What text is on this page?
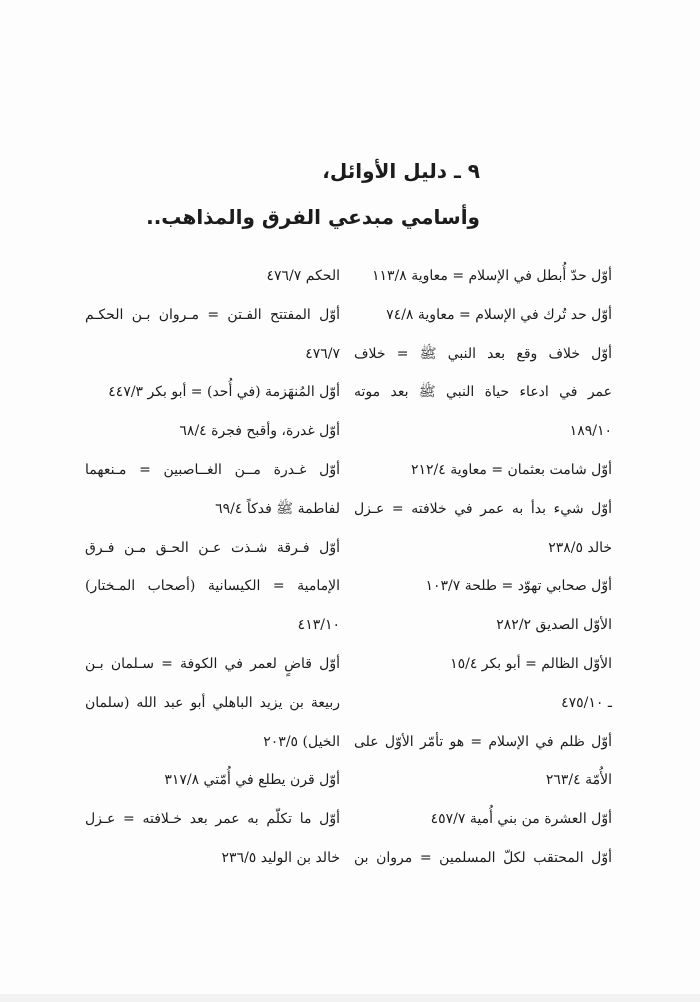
٩ ـ دليل الأوائل،
وأسامي مبدعي الفرق والمذاهب..
أوّل حدّ أُبطل في الإسلام = معاوية ١١٣/٨
أوّل حد تُرك في الإسلام = معاوية ٧٤/٨
أوّل خلاف وقع بعد النبي ﷺ = خلاف
عمر في ادعاء حياة النبي ﷺ بعد موته
١٨٩/١٠
أوّل شامت بعثمان = معاوية ٢١٢/٤
أوّل شيء بدأ به عمر في خلافته = عـزل
خالد ٢٣٨/٥
أوّل صحابي تهوّد = طلحة ١٠٣/٧
الأوّل الصديق ٢٨٢/٢
الأوّل الظالم = أبو بكر ١٥/٤
ـ ٤٧٥/١٠
أوّل ظلم في الإسلام = هو تأمّر الأوّل على
الأُمّة ٢٦٣/٤
أوّل العشرة من بني أُمية ٤٥٧/٧
أوّل المحتقب لكلّ المسلمين = مروان بن
الحكم ٤٧٦/٧
أوّل المفتتح الفـتن = مـروان بـن الحكـم
٤٧٦/٧
أوّل المُنهَزمة (في أُحد) = أبو بكر ٤٤٧/٣
أوّل غدرة، وأقبح فجرة ٦٨/٤
أوّل غـدرة مــن الغــاصبين = مـنعهما
لفاطمة ﷺ فدكاً ٦٩/٤
أوّل فـرقة شـذت عـن الحـق مـن فـرق
الإمامية = الكيسانية (أصحاب المـختار)
٤١٣/١٠
أوّل قاضٍ لعمر في الكوفة = سـلمان بـن
ربيعة بن يزيد الباهلي أبو عبد الله (سلمان
الخيل) ٢٠٣/٥
أوّل قرن يطلع في أُمّتي ٣١٧/٨
أوّل ما تكلّم به عمر بعد خـلافته = عـزل
خالد بن الوليد ٢٣٦/٥
